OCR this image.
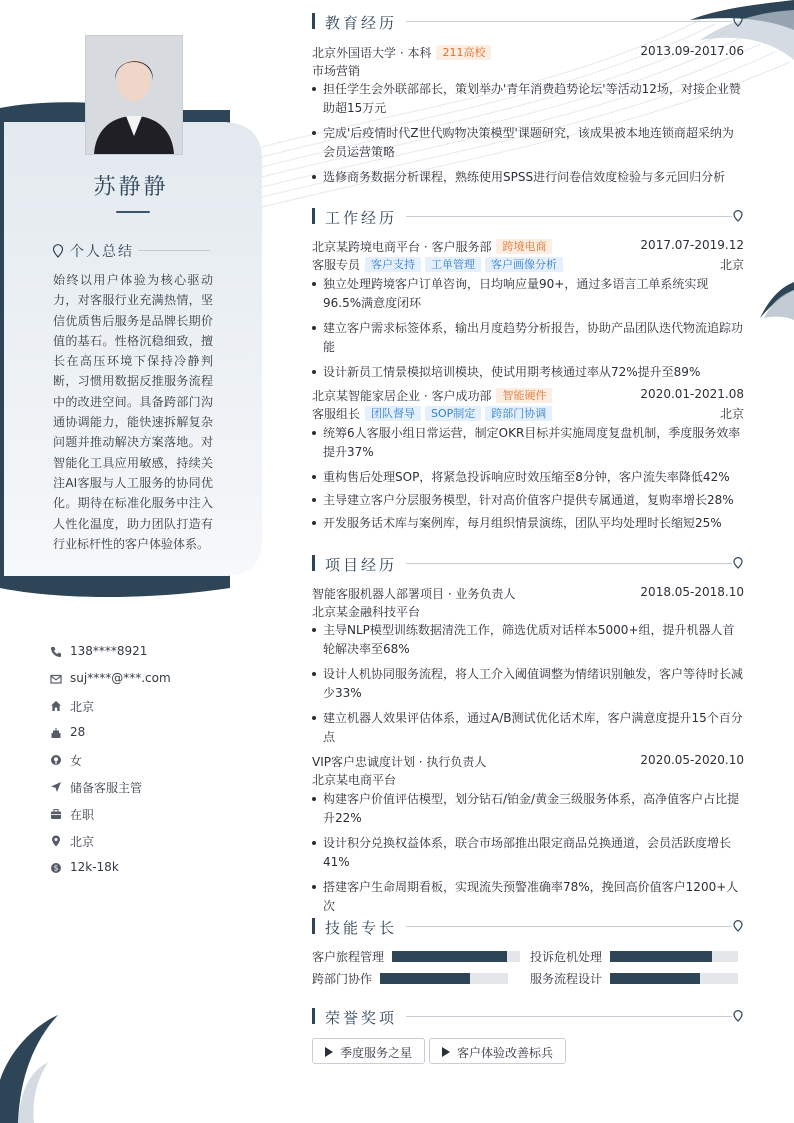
苏静静
个人总结
始终以用户体验为核心驱动力，对客服行业充满热情，坚信优质售后服务是品牌长期价值的基石。性格沉稳细致，擅长在高压环境下保持冷静判断，习惯用数据反推服务流程中的改进空间。具备跨部门沟通协调能力，能快速拆解复杂问题并推动解决方案落地。对智能化工具应用敏感，持续关注AI客服与人工服务的协同优化。期待在标准化服务中注入人性化温度，助力团队打造有行业标杆性的客户体验体系。
138****8921
suj****@***.com
北京
28
女
储备客服主管
在职
北京
$ 12k-18k
教育经历
北京外国语大学 · 本科 211高校	2013.09-2017.06
市场营销
担任学生会外联部部长，策划举办'青年消费趋势论坛'等活动12场，对接企业赞助超15万元
完成'后疫情时代Z世代购物决策模型'课题研究，该成果被本地连锁商超采纳为会员运营策略
选修商务数据分析课程，熟练使用SPSS进行问卷信效度检验与多元回归分析
工作经历
北京某跨境电商平台 · 客户服务部 跨境电商	2017.07-2019.12
客服专员 客户支持 工单管理 客户画像分析	北京
独立处理跨境客户订单咨询，日均响应量90+，通过多语言工单系统实现96.5%满意度闭环
建立客户需求标签体系，输出月度趋势分析报告，协助产品团队迭代物流追踪功能
设计新员工情景模拟培训模块，使试用期考核通过率从72%提升至89%
北京某智能家居企业 · 客户成功部 智能硬件	2020.01-2021.08
客服组长 团队督导 SOP制定 跨部门协调	北京
统筹6人客服小组日常运营，制定OKR目标并实施周度复盘机制，季度服务效率提升37%
重构售后处理SOP，将紧急投诉响应时效压缩至8分钟，客户流失率降低42%
主导建立客户分层服务模型，针对高价值客户提供专属通道，复购率增长28%
开发服务话术库与案例库，每月组织情景演练，团队平均处理时长缩短25%
项目经历
智能客服机器人部署项目 · 业务负责人	2018.05-2018.10
北京某金融科技平台
主导NLP模型训练数据清洗工作，筛选优质对话样本5000+组，提升机器人首轮解决率至68%
设计人机协同服务流程，将人工介入阈值调整为情绪识别触发，客户等待时长减少33%
建立机器人效果评估体系，通过A/B测试优化话术库，客户满意度提升15个百分点
VIP客户忠诚度计划 · 执行负责人	2020.05-2020.10
北京某电商平台
构建客户价值评估模型，划分钻石/铂金/黄金三级服务体系，高净值客户占比提升22%
设计积分兑换权益体系，联合市场部推出限定商品兑换通道，会员活跃度增长41%
搭建客户生命周期看板，实现流失预警准确率78%，挽回高价值客户1200+人次
技能专长
客户旅程管理	投诉危机处理
跨部门协作	服务流程设计
荣誉奖项
季度服务之星	客户体验改善标兵
